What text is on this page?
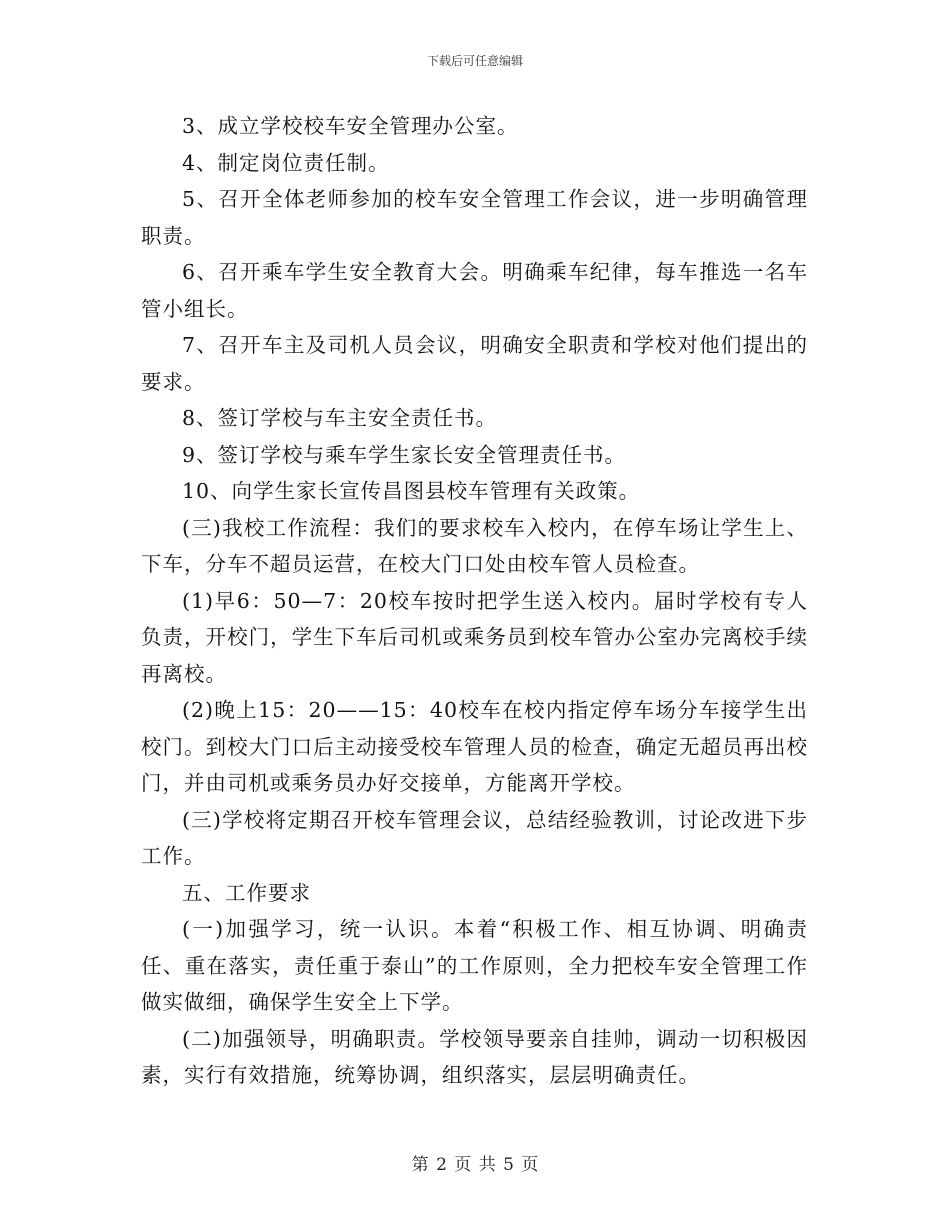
下载后可任意编辑

3、成立学校校车安全管理办公室。

4、制定岗位责任制。

5、召开全体老师参加的校车安全管理工作会议，进一步明确管理职责。

6、召开乘车学生安全教育大会。明确乘车纪律，每车推选一名车管小组长。

7、召开车主及司机人员会议，明确安全职责和学校对他们提出的要求。

8、签订学校与车主安全责任书。

9、签订学校与乘车学生家长安全管理责任书。

10、向学生家长宣传昌图县校车管理有关政策。

(三)我校工作流程：我们的要求校车入校内，在停车场让学生上、下车，分车不超员运营，在校大门口处由校车管人员检查。

(1)早6：50—7：20校车按时把学生送入校内。届时学校有专人负责，开校门，学生下车后司机或乘务员到校车管办公室办完离校手续再离校。

(2)晚上15：20——15：40校车在校内指定停车场分车接学生出校门。到校大门口后主动接受校车管理人员的检查，确定无超员再出校门，并由司机或乘务员办好交接单，方能离开学校。

(三)学校将定期召开校车管理会议，总结经验教训，讨论改进下步工作。

五、工作要求

(一)加强学习，统一认识。本着“积极工作、相互协调、明确责任、重在落实，责任重于泰山”的工作原则，全力把校车安全管理工作做实做细，确保学生安全上下学。

(二)加强领导，明确职责。学校领导要亲自挂帅，调动一切积极因素，实行有效措施，统筹协调，组织落实，层层明确责任。

第 2 页 共 5 页
